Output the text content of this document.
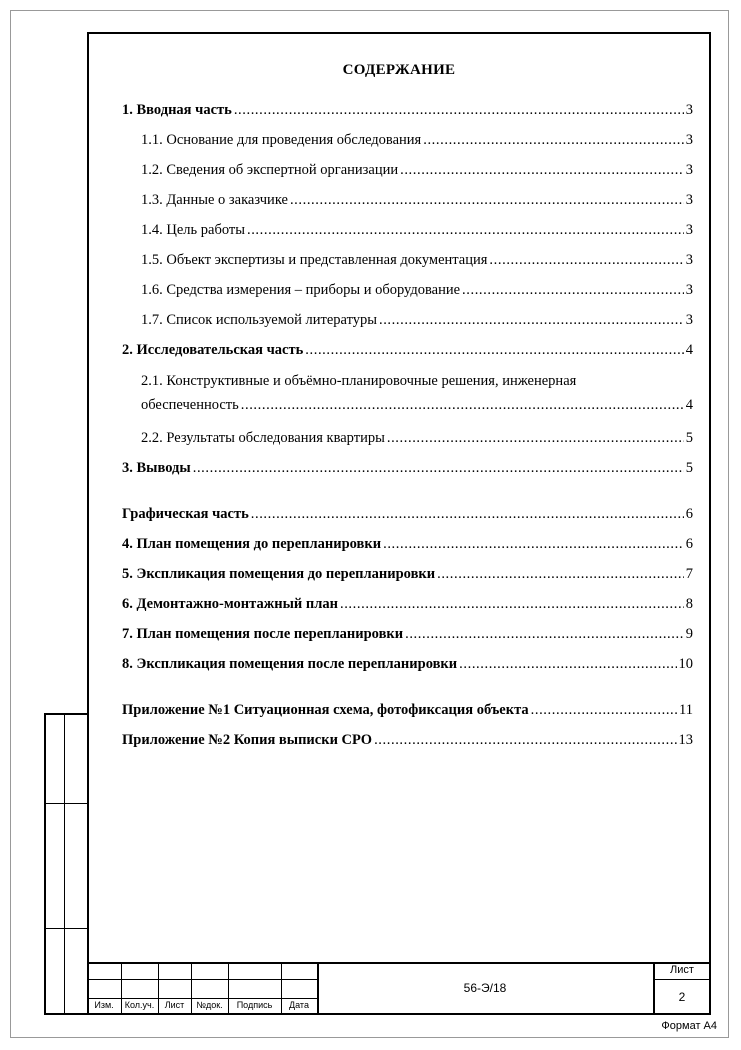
СОДЕРЖАНИЕ
1. Вводная часть .....	3
1.1. Основание для проведения обследования .....	3
1.2. Сведения об экспертной организации .....	3
1.3. Данные о заказчике .....	3
1.4. Цель работы .....	3
1.5. Объект экспертизы и представленная документация .....	3
1.6. Средства измерения – приборы и оборудование .....	3
1.7. Список используемой литературы .....	3
2. Исследовательская часть .....	4
2.1. Конструктивные и объёмно-планировочные решения, инженерная
обеспеченность .....	4
2.2. Результаты обследования квартиры .....	5
3. Выводы .....	5
Графическая часть .....	6
4. План помещения до перепланировки .....	6
5. Экспликация помещения до перепланировки .....	7
6. Демонтажно-монтажный план .....	8
7. План помещения после перепланировки .....	9
8. Экспликация помещения после перепланировки .....	10
Приложение №1 Ситуационная схема, фотофиксация объекта .....	11
Приложение №2 Копия выписки СРО .....	13
Изм.	Кол.уч.	Лист	№док.	Подпись	Дата
56-Э/18
Лист
2
Формат А4
